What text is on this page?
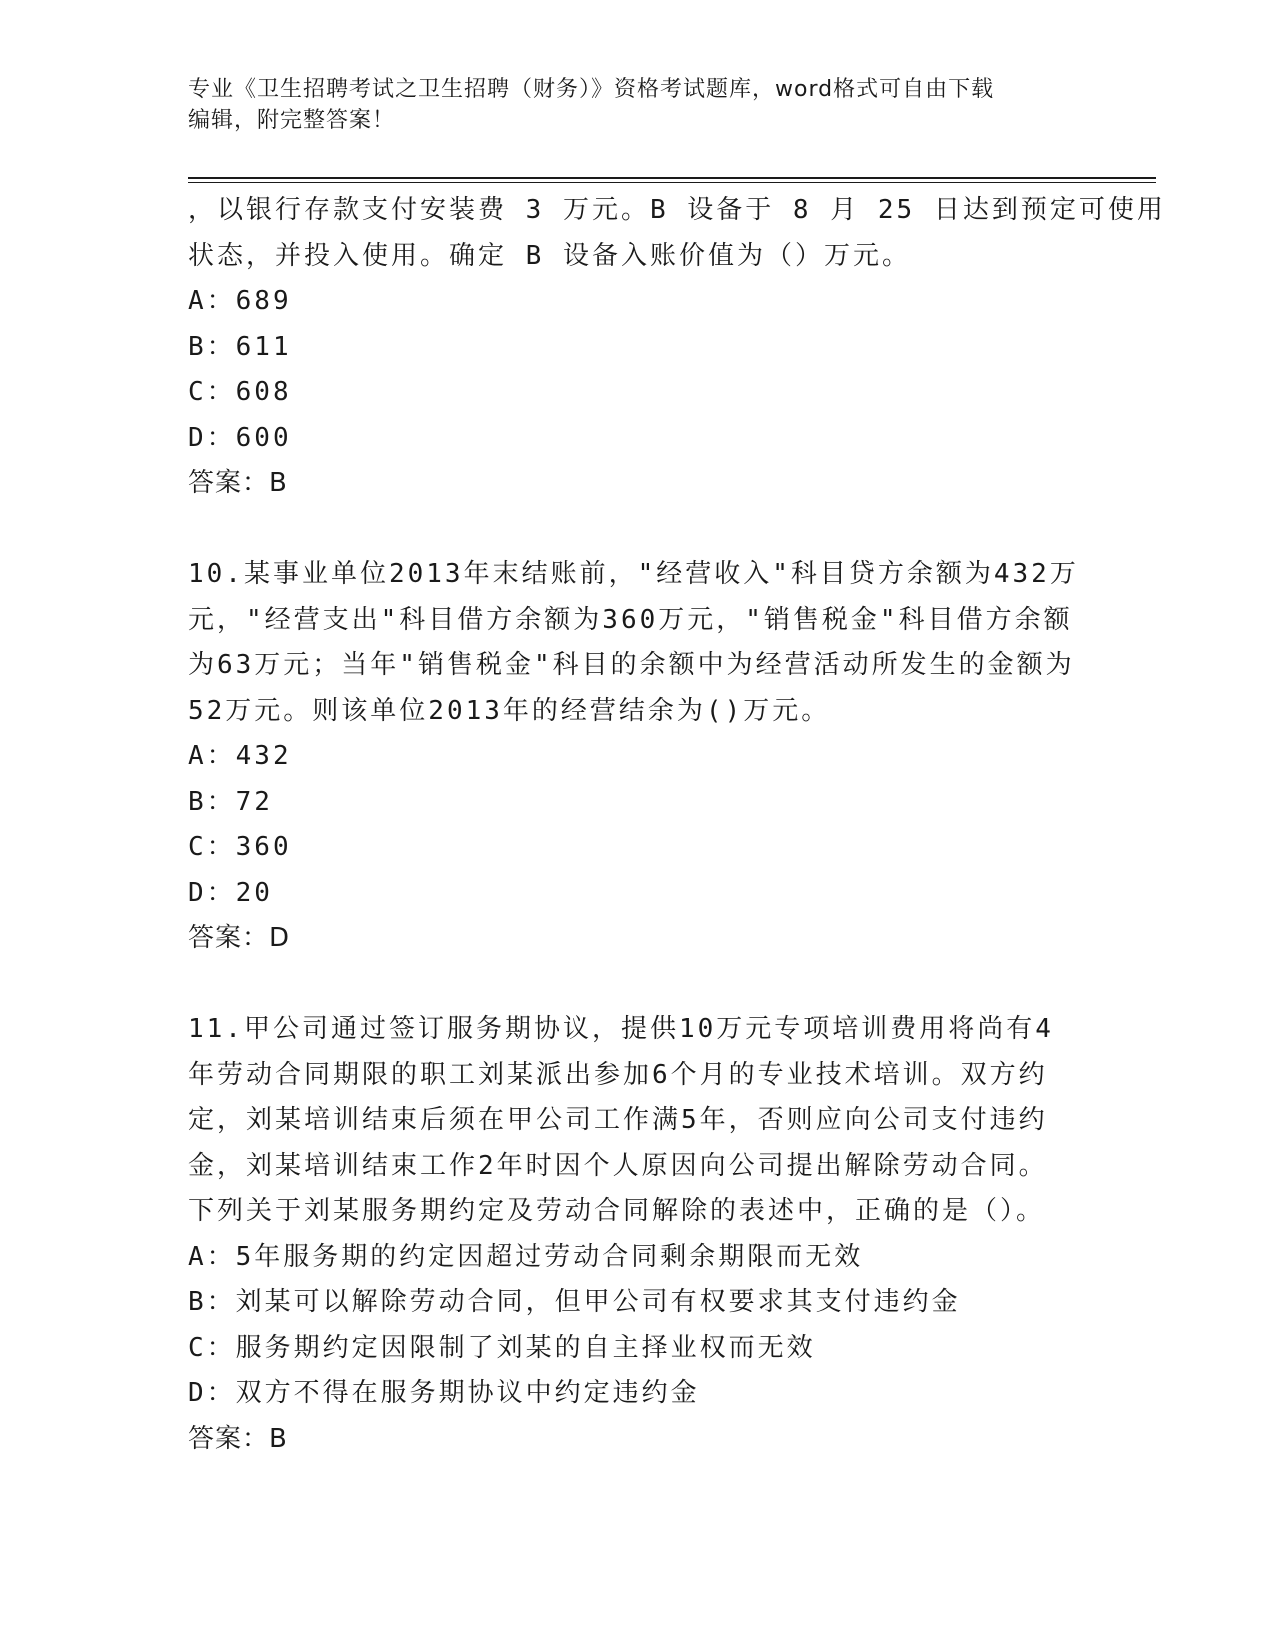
专业《卫生招聘考试之卫生招聘（财务）》资格考试题库，word格式可自由下载
编辑，附完整答案！
，以银行存款支付安装费 3 万元。B 设备于 8 月 25 日达到预定可使用
状态，并投入使用。确定 B 设备入账价值为（）万元。
A：689
B：611
C：608
D：600
答案：B
10.某事业单位2013年末结账前，"经营收入"科目贷方余额为432万
元，"经营支出"科目借方余额为360万元，"销售税金"科目借方余额
为63万元；当年"销售税金"科目的余额中为经营活动所发生的金额为
52万元。则该单位2013年的经营结余为()万元。
A：432
B：72
C：360
D：20
答案：D
11.甲公司通过签订服务期协议，提供10万元专项培训费用将尚有4
年劳动合同期限的职工刘某派出参加6个月的专业技术培训。双方约
定，刘某培训结束后须在甲公司工作满5年，否则应向公司支付违约
金，刘某培训结束工作2年时因个人原因向公司提出解除劳动合同。
下列关于刘某服务期约定及劳动合同解除的表述中，正确的是（）。
A：5年服务期的约定因超过劳动合同剩余期限而无效
B：刘某可以解除劳动合同，但甲公司有权要求其支付违约金
C：服务期约定因限制了刘某的自主择业权而无效
D：双方不得在服务期协议中约定违约金
答案：B
